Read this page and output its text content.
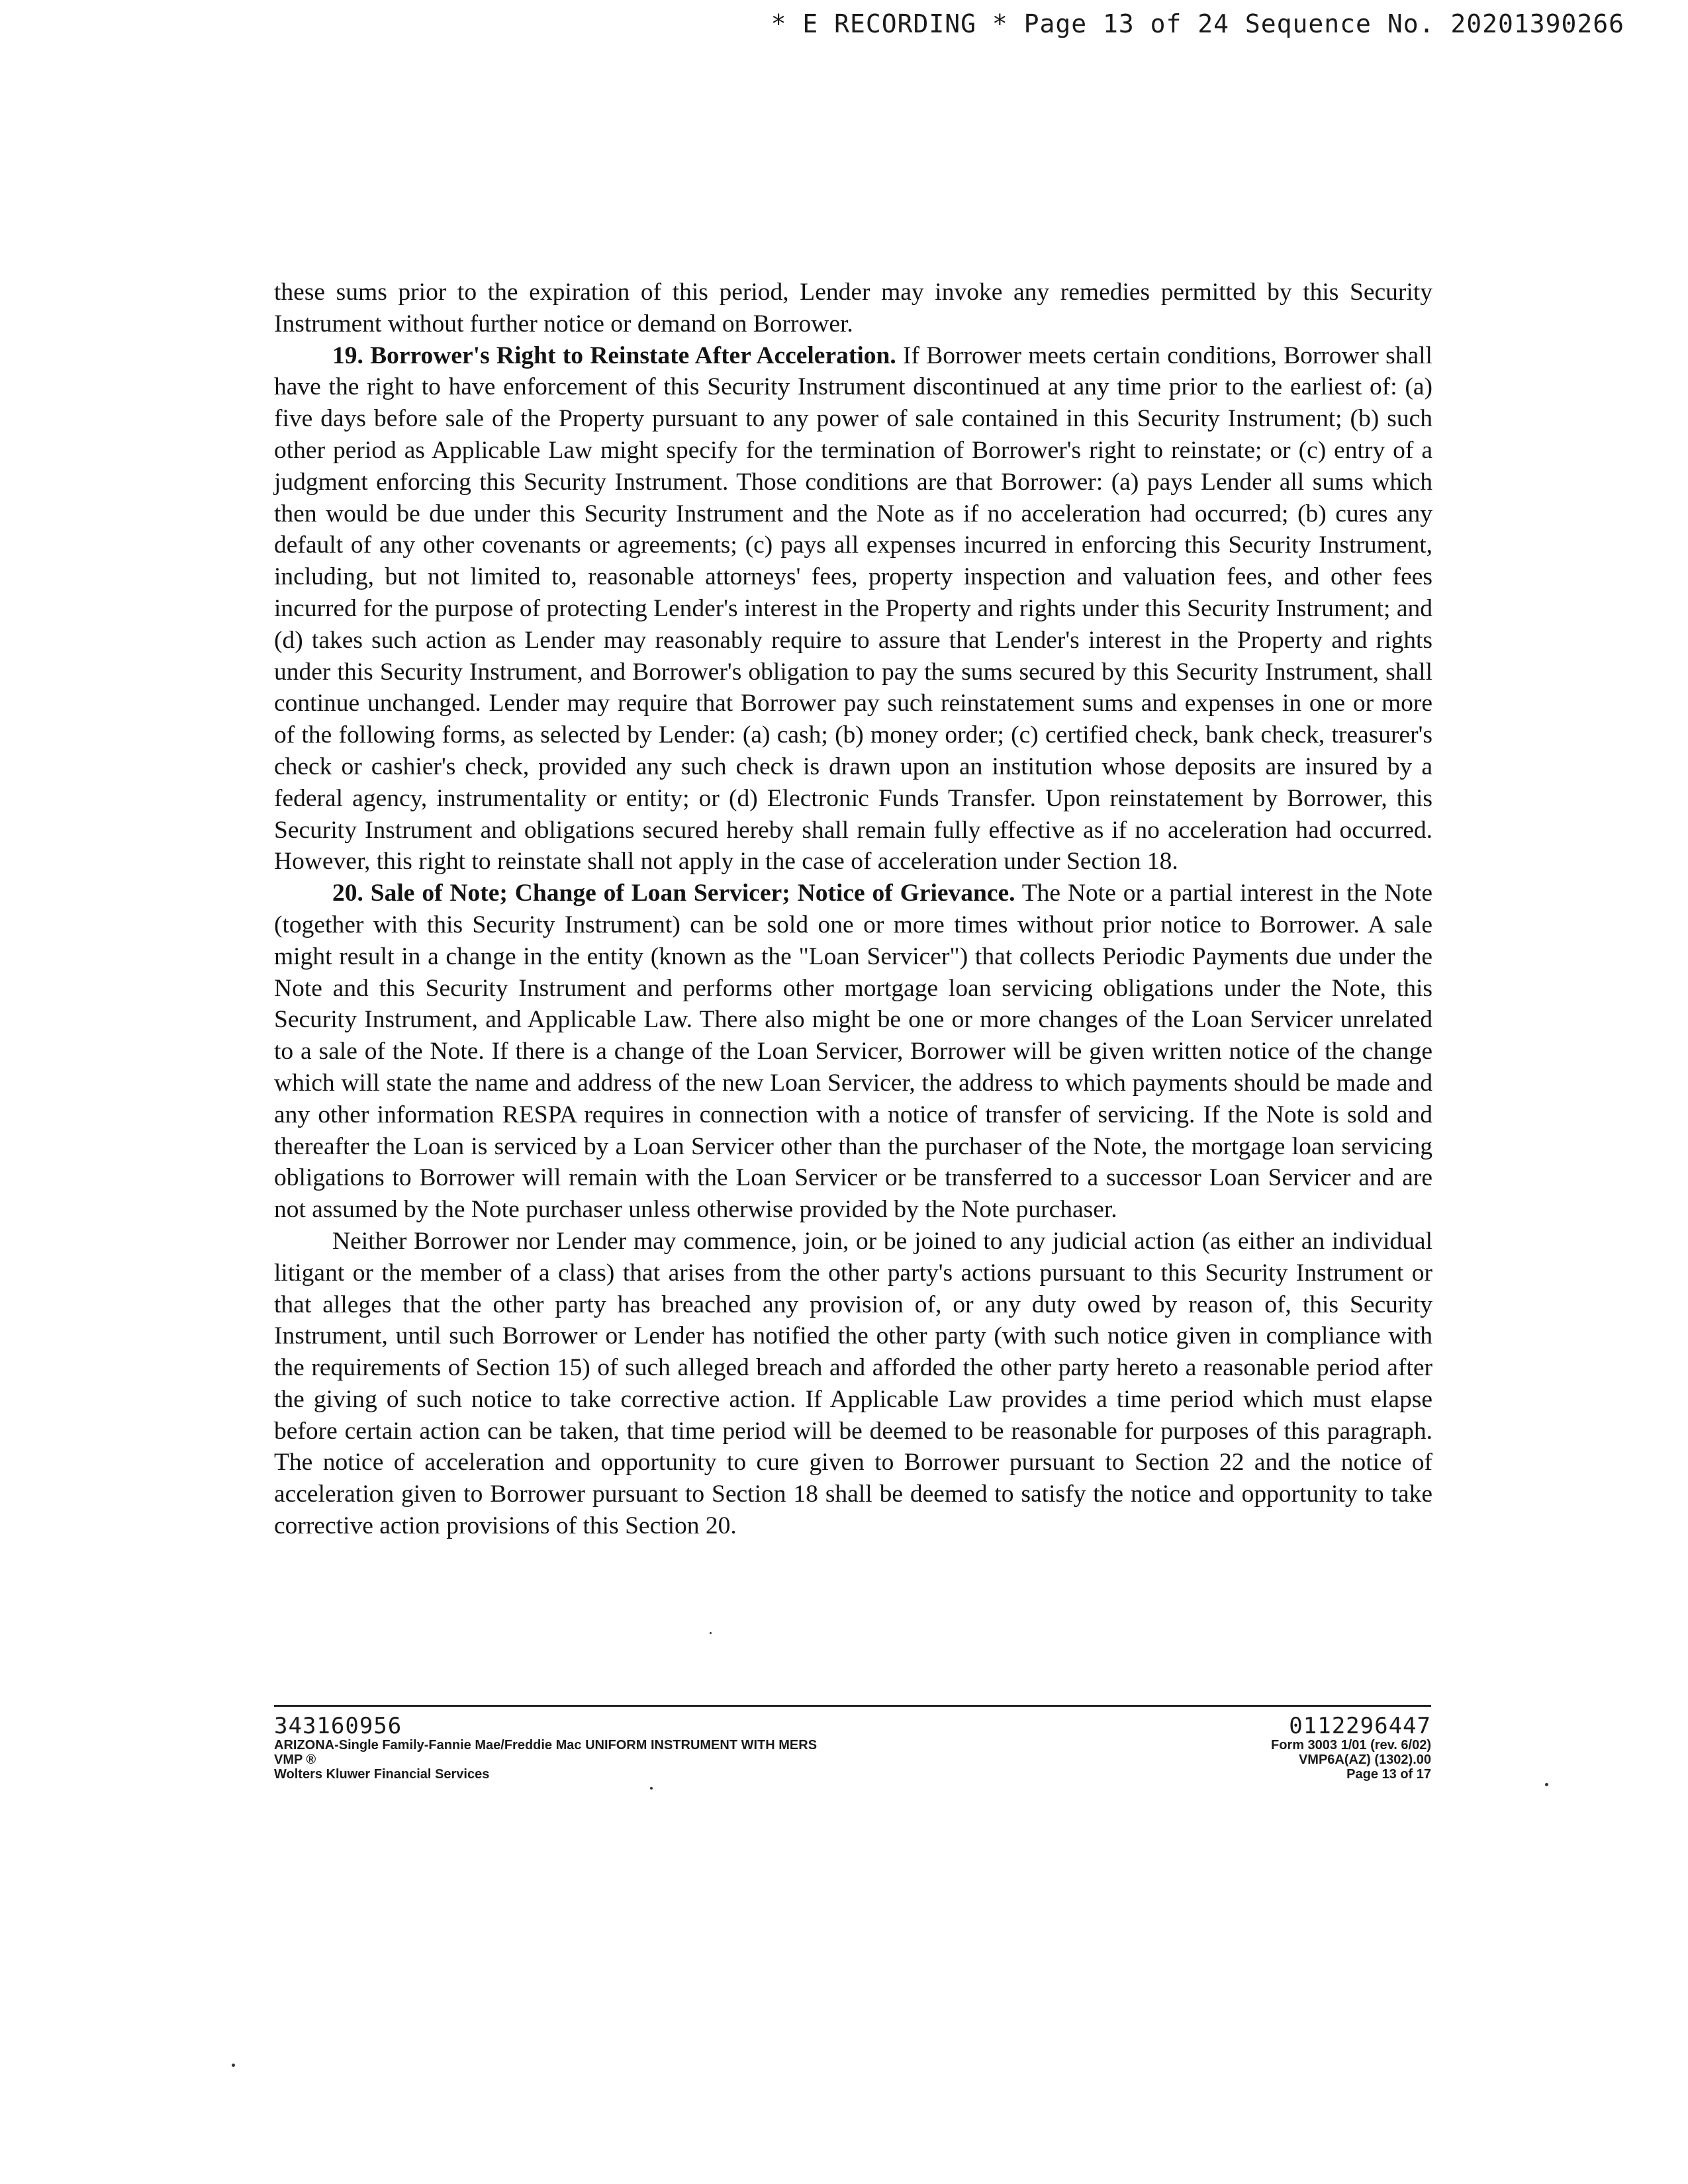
* E RECORDING * Page 13 of 24 Sequence No. 20201390266

these sums prior to the expiration of this period, Lender may invoke any remedies permitted by this Security Instrument without further notice or demand on Borrower.

19. Borrower's Right to Reinstate After Acceleration. If Borrower meets certain conditions, Borrower shall have the right to have enforcement of this Security Instrument discontinued at any time prior to the earliest of: (a) five days before sale of the Property pursuant to any power of sale contained in this Security Instrument; (b) such other period as Applicable Law might specify for the termination of Borrower's right to reinstate; or (c) entry of a judgment enforcing this Security Instrument. Those conditions are that Borrower: (a) pays Lender all sums which then would be due under this Security Instrument and the Note as if no acceleration had occurred; (b) cures any default of any other covenants or agreements; (c) pays all expenses incurred in enforcing this Security Instrument, including, but not limited to, reasonable attorneys' fees, property inspection and valuation fees, and other fees incurred for the purpose of protecting Lender's interest in the Property and rights under this Security Instrument; and (d) takes such action as Lender may reasonably require to assure that Lender's interest in the Property and rights under this Security Instrument, and Borrower's obligation to pay the sums secured by this Security Instrument, shall continue unchanged. Lender may require that Borrower pay such reinstatement sums and expenses in one or more of the following forms, as selected by Lender: (a) cash; (b) money order; (c) certified check, bank check, treasurer's check or cashier's check, provided any such check is drawn upon an institution whose deposits are insured by a federal agency, instrumentality or entity; or (d) Electronic Funds Transfer. Upon reinstatement by Borrower, this Security Instrument and obligations secured hereby shall remain fully effective as if no acceleration had occurred. However, this right to reinstate shall not apply in the case of acceleration under Section 18.

20. Sale of Note; Change of Loan Servicer; Notice of Grievance. The Note or a partial interest in the Note (together with this Security Instrument) can be sold one or more times without prior notice to Borrower. A sale might result in a change in the entity (known as the "Loan Servicer") that collects Periodic Payments due under the Note and this Security Instrument and performs other mortgage loan servicing obligations under the Note, this Security Instrument, and Applicable Law. There also might be one or more changes of the Loan Servicer unrelated to a sale of the Note. If there is a change of the Loan Servicer, Borrower will be given written notice of the change which will state the name and address of the new Loan Servicer, the address to which payments should be made and any other information RESPA requires in connection with a notice of transfer of servicing. If the Note is sold and thereafter the Loan is serviced by a Loan Servicer other than the purchaser of the Note, the mortgage loan servicing obligations to Borrower will remain with the Loan Servicer or be transferred to a successor Loan Servicer and are not assumed by the Note purchaser unless otherwise provided by the Note purchaser.

Neither Borrower nor Lender may commence, join, or be joined to any judicial action (as either an individual litigant or the member of a class) that arises from the other party's actions pursuant to this Security Instrument or that alleges that the other party has breached any provision of, or any duty owed by reason of, this Security Instrument, until such Borrower or Lender has notified the other party (with such notice given in compliance with the requirements of Section 15) of such alleged breach and afforded the other party hereto a reasonable period after the giving of such notice to take corrective action. If Applicable Law provides a time period which must elapse before certain action can be taken, that time period will be deemed to be reasonable for purposes of this paragraph. The notice of acceleration and opportunity to cure given to Borrower pursuant to Section 22 and the notice of acceleration given to Borrower pursuant to Section 18 shall be deemed to satisfy the notice and opportunity to take corrective action provisions of this Section 20.

343160956
ARIZONA-Single Family-Fannie Mae/Freddie Mac UNIFORM INSTRUMENT WITH MERS
VMP ®
Wolters Kluwer Financial Services
0112296447
Form 3003 1/01 (rev. 6/02)
VMP6A(AZ) (1302).00
Page 13 of 17
